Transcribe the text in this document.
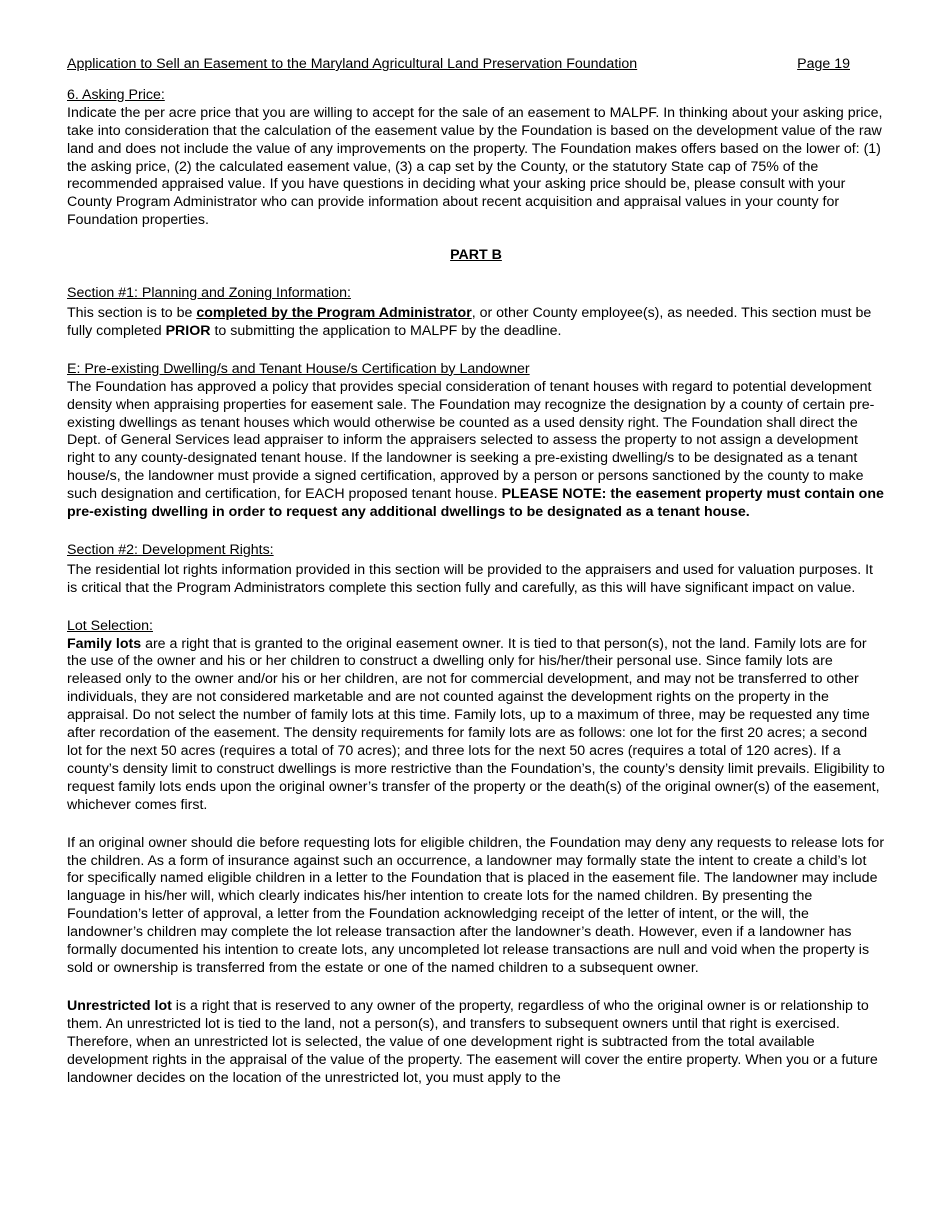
Application to Sell an Easement to the Maryland Agricultural Land Preservation Foundation	Page 19

6. Asking Price:

Indicate the per acre price that you are willing to accept for the sale of an easement to MALPF. In thinking about your asking price, take into consideration that the calculation of the easement value by the Foundation is based on the development value of the raw land and does not include the value of any improvements on the property. The Foundation makes offers based on the lower of: (1) the asking price, (2) the calculated easement value, (3) a cap set by the County, or the statutory State cap of 75% of the recommended appraised value. If you have questions in deciding what your asking price should be, please consult with your County Program Administrator who can provide information about recent acquisition and appraisal values in your county for Foundation properties.

PART B

Section #1: Planning and Zoning Information:

This section is to be completed by the Program Administrator, or other County employee(s), as needed. This section must be fully completed PRIOR to submitting the application to MALPF by the deadline.

E: Pre-existing Dwelling/s and Tenant House/s Certification by Landowner

The Foundation has approved a policy that provides special consideration of tenant houses with regard to potential development density when appraising properties for easement sale. The Foundation may recognize the designation by a county of certain pre-existing dwellings as tenant houses which would otherwise be counted as a used density right. The Foundation shall direct the Dept. of General Services lead appraiser to inform the appraisers selected to assess the property to not assign a development right to any county-designated tenant house. If the landowner is seeking a pre-existing dwelling/s to be designated as a tenant house/s, the landowner must provide a signed certification, approved by a person or persons sanctioned by the county to make such designation and certification, for EACH proposed tenant house. PLEASE NOTE: the easement property must contain one pre-existing dwelling in order to request any additional dwellings to be designated as a tenant house.

Section #2: Development Rights:

The residential lot rights information provided in this section will be provided to the appraisers and used for valuation purposes. It is critical that the Program Administrators complete this section fully and carefully, as this will have significant impact on value.

Lot Selection:

Family lots are a right that is granted to the original easement owner. It is tied to that person(s), not the land. Family lots are for the use of the owner and his or her children to construct a dwelling only for his/her/their personal use. Since family lots are released only to the owner and/or his or her children, are not for commercial development, and may not be transferred to other individuals, they are not considered marketable and are not counted against the development rights on the property in the appraisal. Do not select the number of family lots at this time. Family lots, up to a maximum of three, may be requested any time after recordation of the easement. The density requirements for family lots are as follows: one lot for the first 20 acres; a second lot for the next 50 acres (requires a total of 70 acres); and three lots for the next 50 acres (requires a total of 120 acres). If a county’s density limit to construct dwellings is more restrictive than the Foundation’s, the county’s density limit prevails. Eligibility to request family lots ends upon the original owner’s transfer of the property or the death(s) of the original owner(s) of the easement, whichever comes first.

If an original owner should die before requesting lots for eligible children, the Foundation may deny any requests to release lots for the children. As a form of insurance against such an occurrence, a landowner may formally state the intent to create a child’s lot for specifically named eligible children in a letter to the Foundation that is placed in the easement file. The landowner may include language in his/her will, which clearly indicates his/her intention to create lots for the named children. By presenting the Foundation’s letter of approval, a letter from the Foundation acknowledging receipt of the letter of intent, or the will, the landowner’s children may complete the lot release transaction after the landowner’s death. However, even if a landowner has formally documented his intention to create lots, any uncompleted lot release transactions are null and void when the property is sold or ownership is transferred from the estate or one of the named children to a subsequent owner.

Unrestricted lot is a right that is reserved to any owner of the property, regardless of who the original owner is or relationship to them. An unrestricted lot is tied to the land, not a person(s), and transfers to subsequent owners until that right is exercised. Therefore, when an unrestricted lot is selected, the value of one development right is subtracted from the total available development rights in the appraisal of the value of the property. The easement will cover the entire property. When you or a future landowner decides on the location of the unrestricted lot, you must apply to the
